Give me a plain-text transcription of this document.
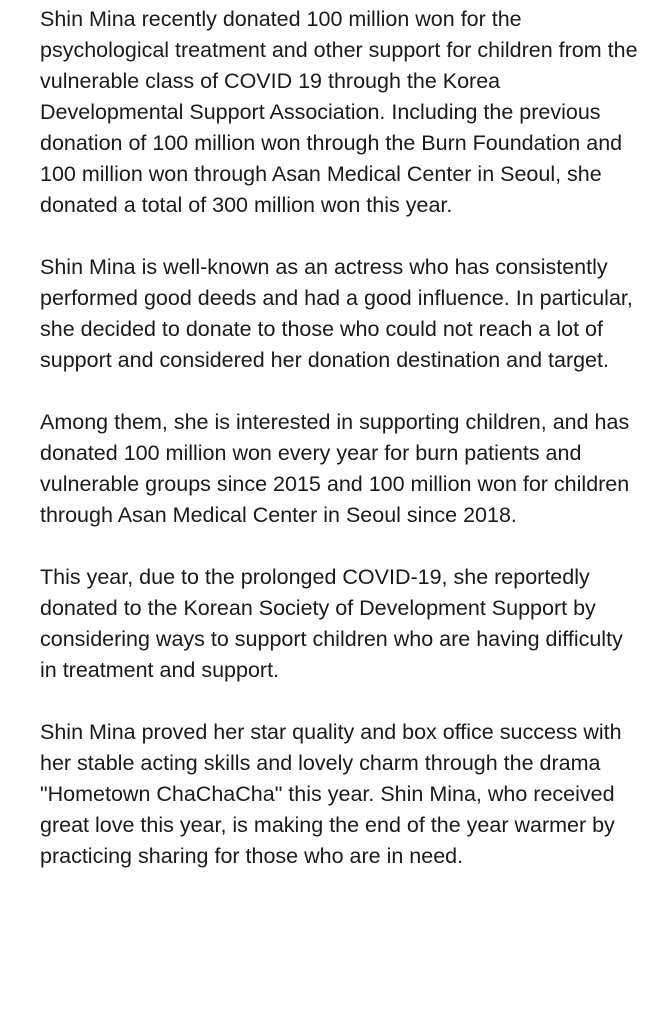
Shin Mina recently donated 100 million won for the psychological treatment and other support for children from the vulnerable class of COVID 19 through the Korea Developmental Support Association. Including the previous donation of 100 million won through the Burn Foundation and 100 million won through Asan Medical Center in Seoul, she donated a total of 300 million won this year.

Shin Mina is well-known as an actress who has consistently performed good deeds and had a good influence. In particular, she decided to donate to those who could not reach a lot of support and considered her donation destination and target.

Among them, she is interested in supporting children, and has donated 100 million won every year for burn patients and vulnerable groups since 2015 and 100 million won for children through Asan Medical Center in Seoul since 2018.

This year, due to the prolonged COVID-19, she reportedly donated to the Korean Society of Development Support by considering ways to support children who are having difficulty in treatment and support.

Shin Mina proved her star quality and box office success with her stable acting skills and lovely charm through the drama "Hometown ChaChaCha" this year. Shin Mina, who received great love this year, is making the end of the year warmer by practicing sharing for those who are in need.
